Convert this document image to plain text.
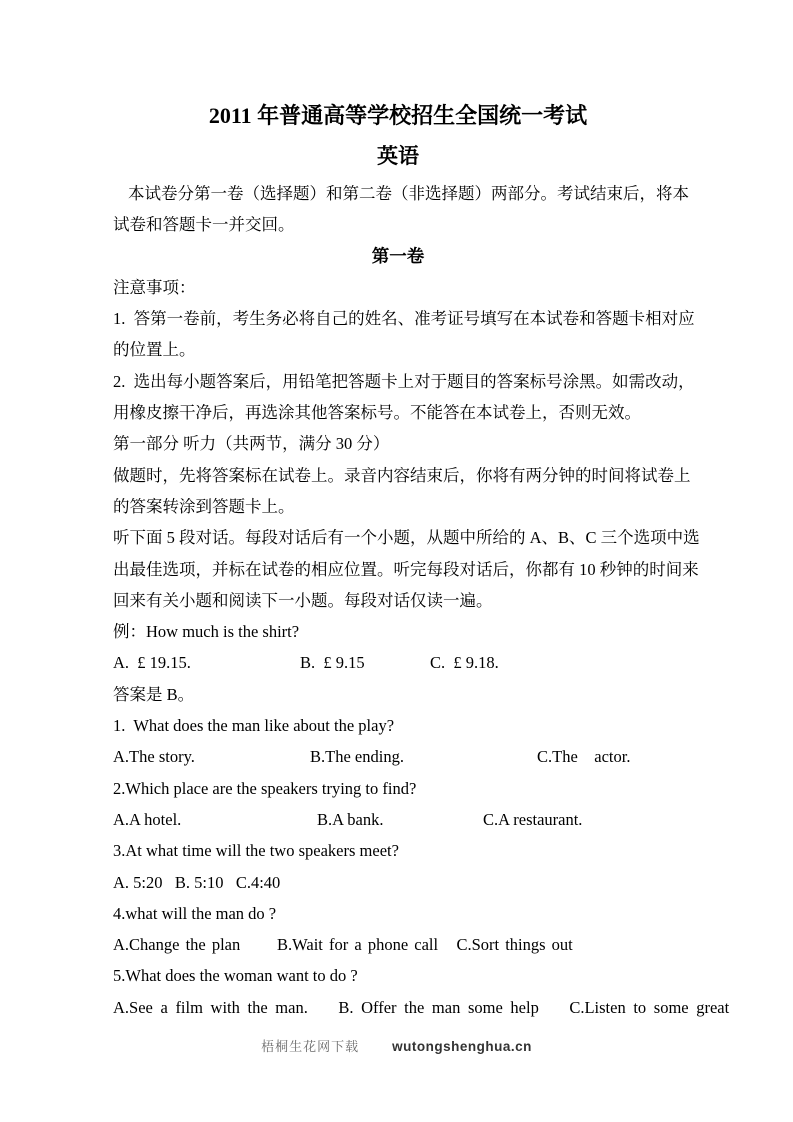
2011 年普通高等学校招生全国统一考试
英语
本试卷分第一卷（选择题）和第二卷（非选择题）两部分。考试结束后，将本
试卷和答题卡一并交回。
第一卷
注意事项：
1.  答第一卷前，考生务必将自己的姓名、准考证号填写在本试卷和答题卡相对应
的位置上。
2.  选出每小题答案后，用铅笔把答题卡上对于题目的答案标号涂黑。如需改动，
用橡皮擦干净后，再选涂其他答案标号。不能答在本试卷上，否则无效。
第一部分 听力（共两节，满分 30 分）
做题时，先将答案标在试卷上。录音内容结束后，你将有两分钟的时间将试卷上
的答案转涂到答题卡上。
听下面 5 段对话。每段对话后有一个小题，从题中所给的 A、B、C 三个选项中选
出最佳选项，并标在试卷的相应位置。听完每段对话后，你都有 10 秒钟的时间来
回来有关小题和阅读下一小题。每段对话仅读一遍。
例：How much is the shirt?
A.  £ 19.15.	B.  £ 9.15	C.  £ 9.18.
答案是 B。
1.  What does the man like about the play?
A.The story.	B.The ending.	C.The    actor.
2.Which place are the speakers trying to find?
A.A hotel.	B.A bank.	C.A restaurant.
3.At what time will the two speakers meet?
A. 5:20   B. 5:10   C.4:40
4.what will the man do ?
A.Change the plan      B.Wait for a phone call   C.Sort things out
5.What does the woman want to do ?
A.See a film with the man.    B. Offer the man some help    C.Listen to some great
梧桐生花网下载 wutongshenghua.cn
